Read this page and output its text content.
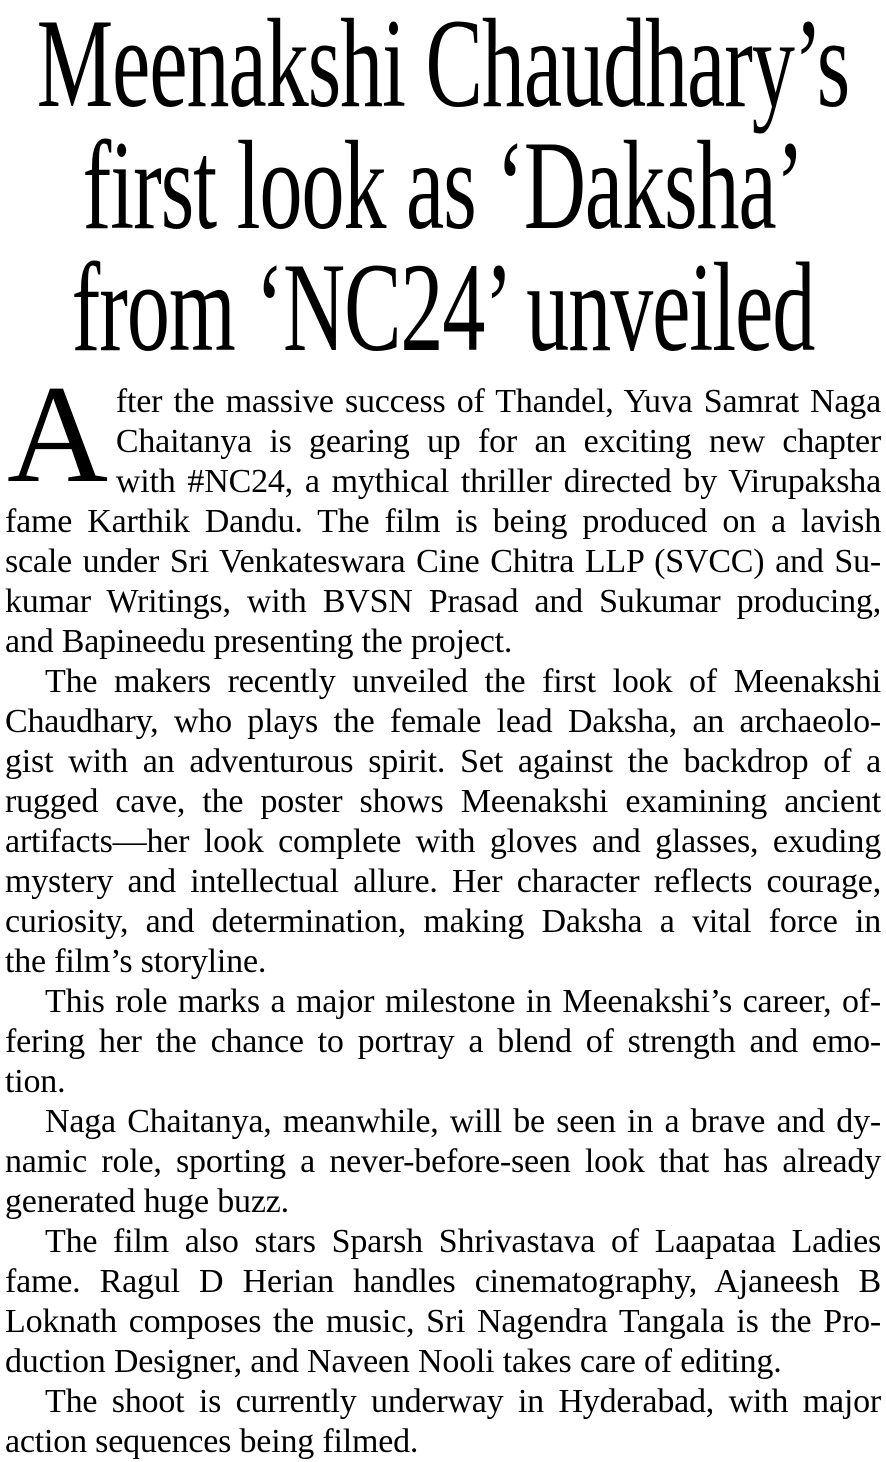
Meenakshi Chaudhary’s
first look as ‘Daksha’
from ‘NC24’ unveiled
After the massive success of Thandel, Yuva Samrat Naga
Chaitanya is gearing up for an exciting new chapter
with #NC24, a mythical thriller directed by Virupaksha
fame Karthik Dandu. The film is being produced on a lavish
scale under Sri Venkateswara Cine Chitra LLP (SVCC) and Su-
kumar Writings, with BVSN Prasad and Sukumar producing,
and Bapineedu presenting the project.
The makers recently unveiled the first look of Meenakshi
Chaudhary, who plays the female lead Daksha, an archaeolo-
gist with an adventurous spirit. Set against the backdrop of a
rugged cave, the poster shows Meenakshi examining ancient
artifacts—her look complete with gloves and glasses, exuding
mystery and intellectual allure. Her character reflects courage,
curiosity, and determination, making Daksha a vital force in
the film’s storyline.
This role marks a major milestone in Meenakshi’s career, of-
fering her the chance to portray a blend of strength and emo-
tion.
Naga Chaitanya, meanwhile, will be seen in a brave and dy-
namic role, sporting a never-before-seen look that has already
generated huge buzz.
The film also stars Sparsh Shrivastava of Laapataa Ladies
fame. Ragul D Herian handles cinematography, Ajaneesh B
Loknath composes the music, Sri Nagendra Tangala is the Pro-
duction Designer, and Naveen Nooli takes care of editing.
The shoot is currently underway in Hyderabad, with major
action sequences being filmed.
